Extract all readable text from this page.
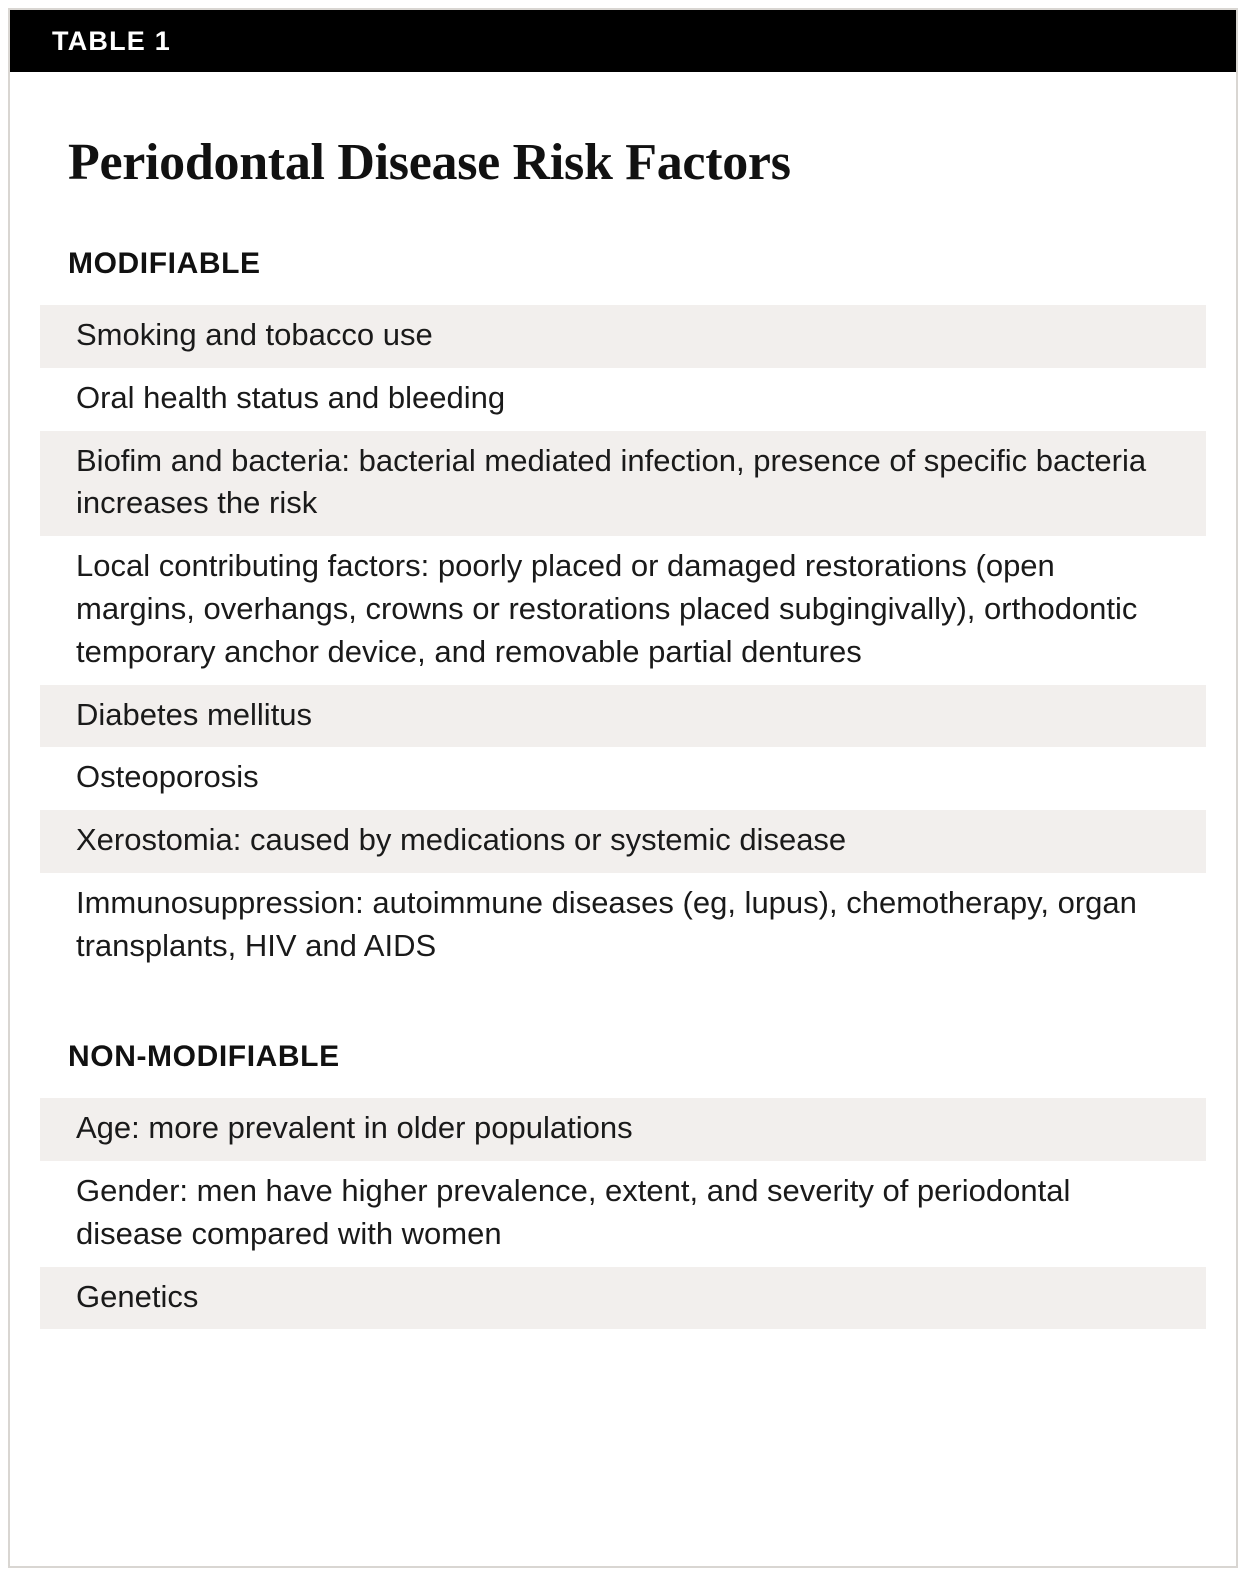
TABLE 1
Periodontal Disease Risk Factors
MODIFIABLE
Smoking and tobacco use
Oral health status and bleeding
Biofim and bacteria: bacterial mediated infection, presence of specific bacteria increases the risk
Local contributing factors: poorly placed or damaged restorations (open margins, overhangs, crowns or restorations placed subgingivally), orthodontic temporary anchor device, and removable partial dentures
Diabetes mellitus
Osteoporosis
Xerostomia: caused by medications or systemic disease
Immunosuppression: autoimmune diseases (eg, lupus), chemotherapy, organ transplants, HIV and AIDS
NON-MODIFIABLE
Age: more prevalent in older populations
Gender: men have higher prevalence, extent, and severity of periodontal disease compared with women
Genetics
